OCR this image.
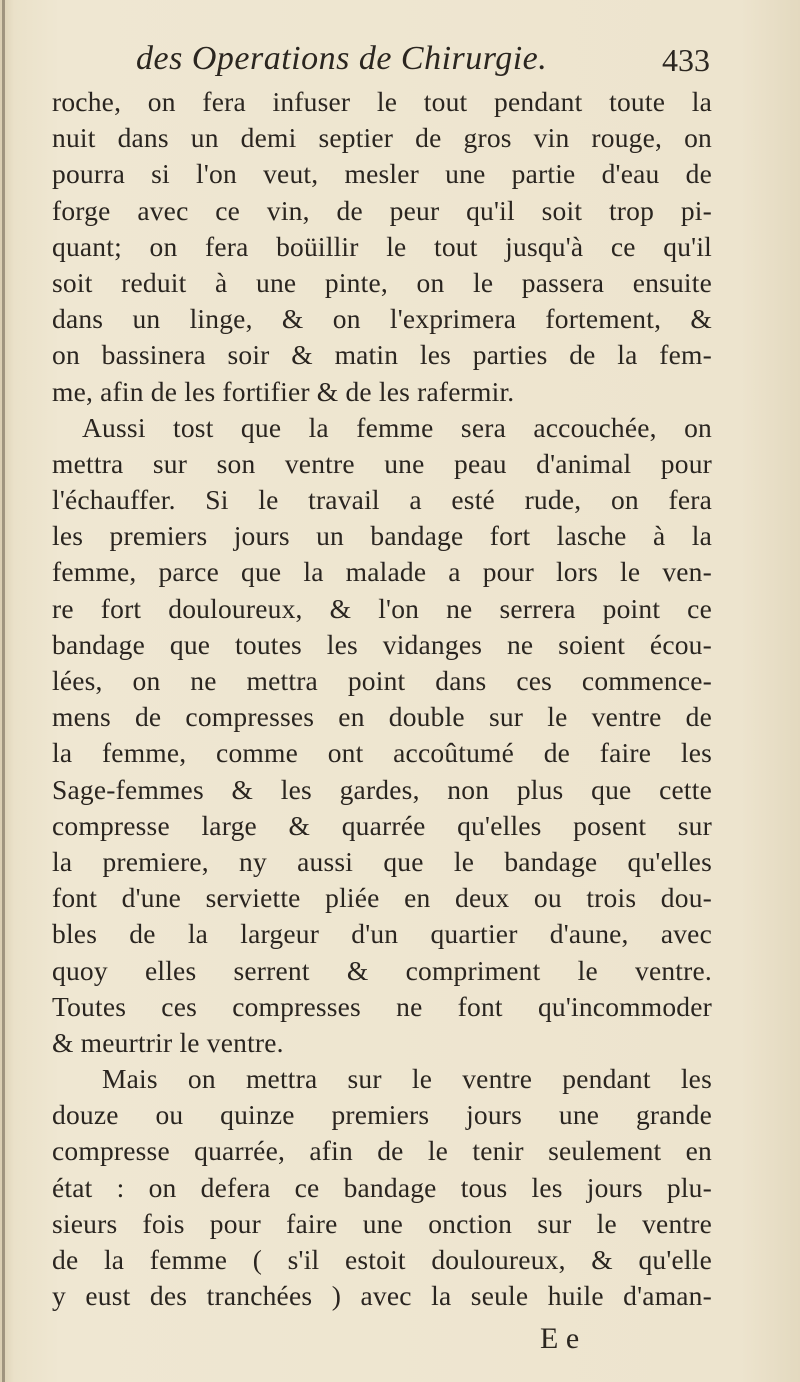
des Operations de Chirurgie.	433
roche, on fera infuser le tout pendant toute la
nuit dans un demi septier de gros vin rouge, on
pourra si l'on veut, mesler une partie d'eau de
forge avec ce vin, de peur qu'il soit trop pi-
quant; on fera boüillir le tout jusqu'à ce qu'il
soit reduit à une pinte, on le passera ensuite
dans un linge, & on l'exprimera fortement, &
on bassinera soir & matin les parties de la fem-
me, afin de les fortifier & de les rafermir.
Aussi tost que la femme sera accouchée, on
mettra sur son ventre une peau d'animal pour
l'échauffer. Si le travail a esté rude, on fera
les premiers jours un bandage fort lasche à la
femme, parce que la malade a pour lors le ven-
re fort douloureux, & l'on ne serrera point ce
bandage que toutes les vidanges ne soient écou-
lées, on ne mettra point dans ces commence-
mens de compresses en double sur le ventre de
la femme, comme ont accoûtumé de faire les
Sage-femmes & les gardes, non plus que cette
compresse large & quarrée qu'elles posent sur
la premiere, ny aussi que le bandage qu'elles
font d'une serviette pliée en deux ou trois dou-
bles de la largeur d'un quartier d'aune, avec
quoy elles serrent & compriment le ventre.
Toutes ces compresses ne font qu'incommoder
& meurtrir le ventre.
Mais on mettra sur le ventre pendant les
douze ou quinze premiers jours une grande
compresse quarrée, afin de le tenir seulement en
état : on defera ce bandage tous les jours plu-
sieurs fois pour faire une onction sur le ventre
de la femme ( s'il estoit douloureux, & qu'elle
y eust des tranchées ) avec la seule huile d'aman-
E e
